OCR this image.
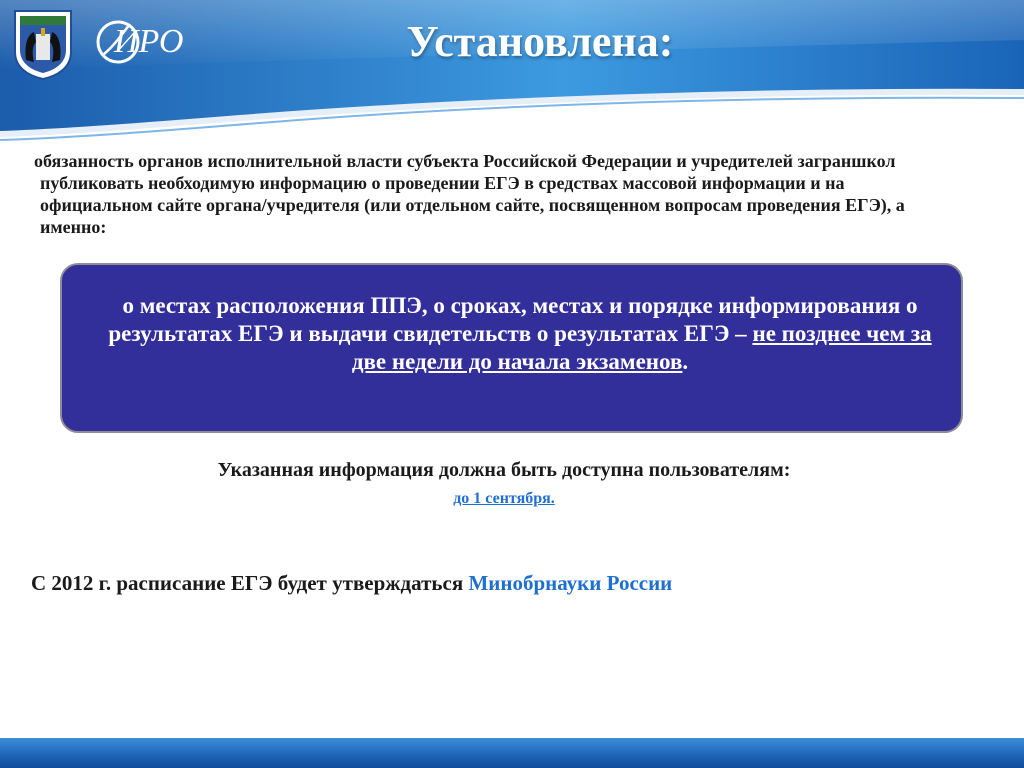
ИРО	Установлена:
обязанность органов исполнительной власти субъекта Российской Федерации и учредителей заграншкол публиковать необходимую информацию о проведении ЕГЭ в средствах массовой информации и на официальном сайте органа/учредителя (или отдельном сайте, посвященном вопросам проведения ЕГЭ), а именно:
о местах расположения ППЭ, о сроках, местах и порядке информирования о результатах ЕГЭ и выдачи свидетельств о результатах ЕГЭ – не позднее чем за две недели до начала экзаменов.
Указанная информация должна быть доступна пользователям:
до 1 сентября.
С 2012 г. расписание ЕГЭ будет утверждаться Минобрнауки России
